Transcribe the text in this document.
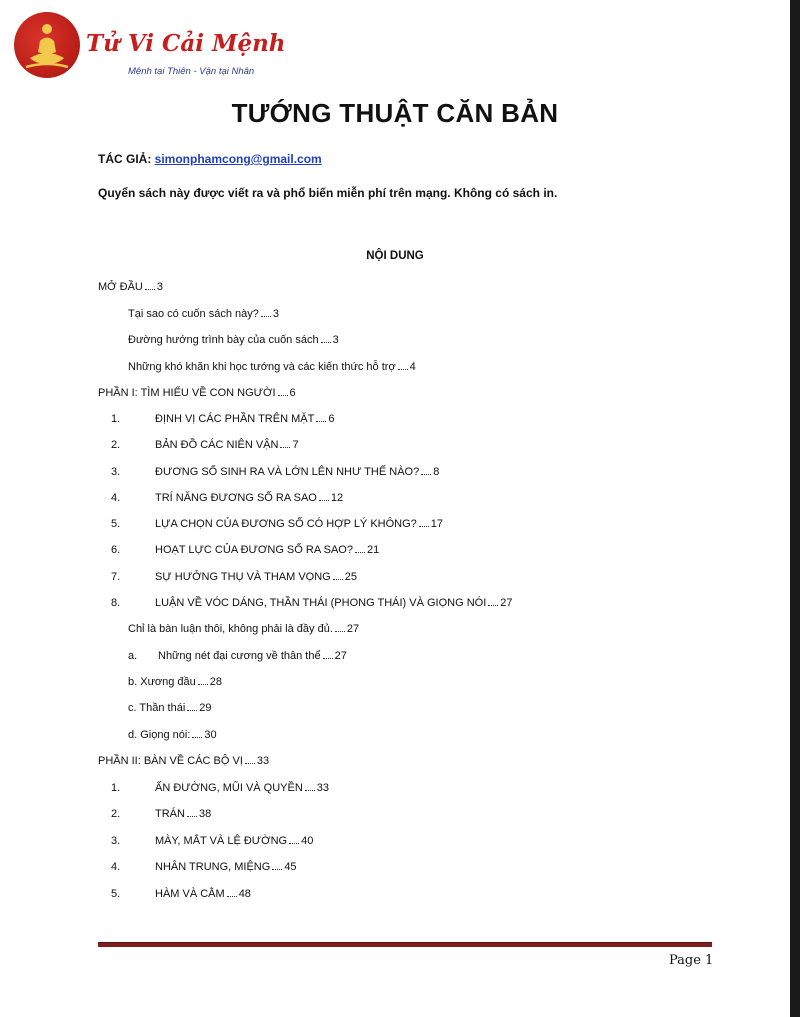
Tử Vi Cải Mệnh
Mệnh tại Thiên - Vận tại Nhân
TƯỚNG THUẬT CĂN BẢN
TÁC GIẢ: simonphamcong@gmail.com
Quyển sách này được viết ra và phổ biến miễn phí trên mạng. Không có sách in.
NỘI DUNG
MỞ ĐẦU 3
Tại sao có cuốn sách này? 3
Đường hướng trình bày của cuốn sách 3
Những khó khăn khi học tướng và các kiến thức hỗ trợ 4
PHẦN I: TÌM HIỂU VỀ CON NGƯỜI 6
1.	ĐỊNH VỊ CÁC PHẦN TRÊN MẶT 6
2.	BẢN ĐỒ CÁC NIÊN VẬN 7
3.	ĐƯƠNG SỐ SINH RA VÀ LỚN LÊN NHƯ THẾ NÀO? 8
4.	TRÍ NĂNG ĐƯƠNG SỐ RA SAO 12
5.	LỰA CHỌN CỦA ĐƯƠNG SỐ CÓ HỢP LÝ KHÔNG? 17
6.	HOẠT LỰC CỦA ĐƯƠNG SỐ RA SAO? 21
7.	SỰ HƯỞNG THỤ VÀ THAM VỌNG 25
8.	LUẬN VỀ VÓC DÁNG, THẦN THÁI (PHONG THÁI) VÀ GIỌNG NÓI 27
Chỉ là bàn luận thôi, không phải là đầy đủ. 27
a. Những nét đại cương về thân thể 27
b. Xương đầu 28
c. Thần thái 29
d. Giọng nói: 30
PHẦN II: BÀN VỀ CÁC BỘ VỊ 33
1.	ẤN ĐƯỜNG, MŨI VÀ QUYỀN 33
2.	TRÁN 38
3.	MÀY, MẮT VÀ LỆ ĐƯỜNG 40
4.	NHÂN TRUNG, MIỆNG 45
5.	HÀM VÀ CẰM 48
Page 1
